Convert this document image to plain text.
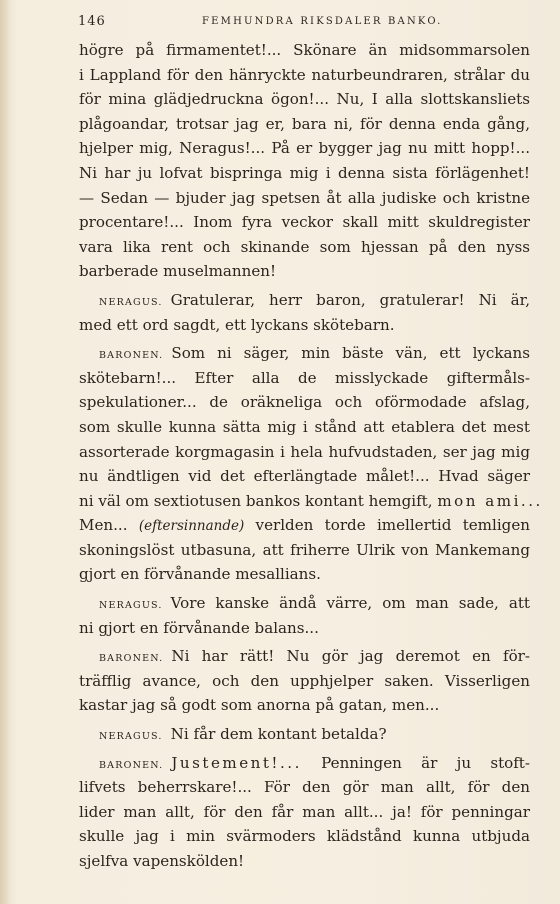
146	FEMHUNDRA RIKSDALER BANKO.
högre på firmamentet!... Skönare än midsommarsolen
i Lappland för den hänryckte naturbeundraren, strålar du
för mina glädjedruckna ögon!... Nu, I alla slottskansliets
plågoandar, trotsar jag er, bara ni, för denna enda gång,
hjelper mig, Neragus!... På er bygger jag nu mitt hopp!...
Ni har ju lofvat bispringa mig i denna sista förlägenhet!
— Sedan — bjuder jag spetsen åt alla judiske och kristne
procentare!... Inom fyra veckor skall mitt skuldregister
vara lika rent och skinande som hjessan på den nyss
barberade muselmannen!
NERAGUS. Gratulerar, herr baron, gratulerar! Ni är,
med ett ord sagdt, ett lyckans skötebarn.
BARONEN. Som ni säger, min bäste vän, ett lyckans
skötebarn!... Efter alla de misslyckade giftermåls-
spekulationer... de oräkneliga och oförmodade afslag,
som skulle kunna sätta mig i stånd att etablera det mest
assorterade korgmagasin i hela hufvudstaden, ser jag mig
nu ändtligen vid det efterlängtade målet!... Hvad säger
ni väl om sextiotusen bankos kontant hemgift, mon ami...
Men... (eftersinnande) verlden torde imellertid temligen
skoningslöst utbasuna, att friherre Ulrik von Mankemang
gjort en förvånande mesallians.
NERAGUS. Vore kanske ändå värre, om man sade, att
ni gjort en förvånande balans...
BARONEN. Ni har rätt! Nu gör jag deremot en för-
träfflig avance, och den upphjelper saken. Visserligen
kastar jag så godt som anorna på gatan, men...
NERAGUS. Ni får dem kontant betalda?
BARONEN. Justement!... Penningen är ju stoft-
lifvets beherrskare!... För den gör man allt, för den
lider man allt, för den får man allt... ja! för penningar
skulle jag i min svärmoders klädstånd kunna utbjuda
sjelfva vapenskölden!
